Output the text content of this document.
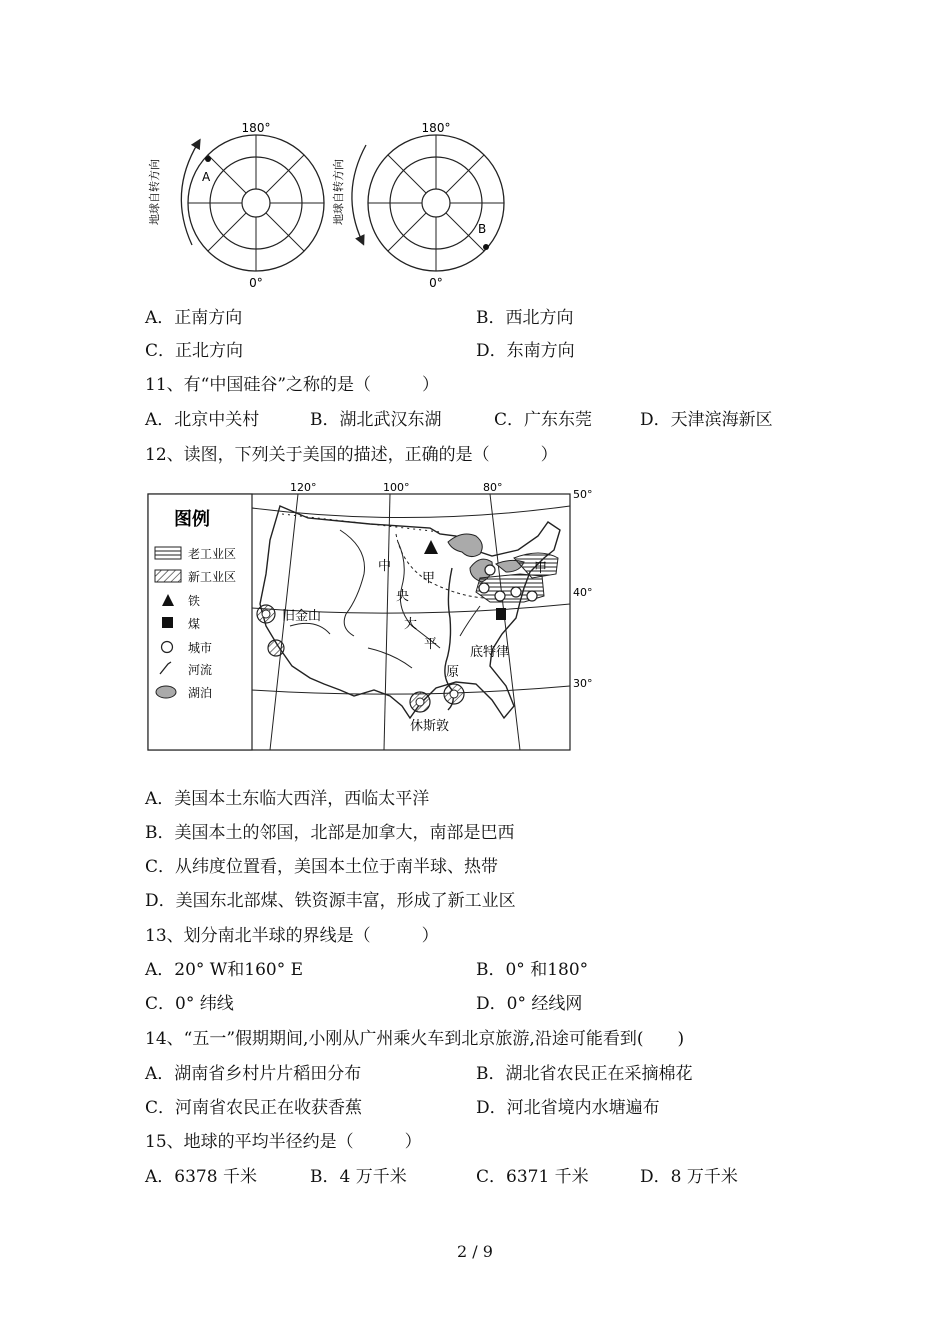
180°
A
0°
地球自转方向
180°
B
0°
地球自转方向
A．正南方向	B．西北方向
C．正北方向	D．东南方向
11、有“中国硅谷”之称的是（　　　）
A．北京中关村	B．湖北武汉东湖	C．广东东莞	D．天津滨海新区
12、读图，下列关于美国的描述，正确的是（　　　）
图例
老工业区
新工业区
铁
煤
城市
河流
湖泊
120°	100°	80°
50°
40°
30°
中
央
大
平
原
甲
甲
旧金山
底特律
休斯敦
A．美国本土东临大西洋，西临太平洋
B．美国本土的邻国，北部是加拿大，南部是巴西
C．从纬度位置看，美国本土位于南半球、热带
D．美国东北部煤、铁资源丰富，形成了新工业区
13、划分南北半球的界线是（　　　）
A．20° W和160° E	B．0° 和180°
C．0° 纬线	D．0° 经线网
14、“五一”假期期间,小刚从广州乘火车到北京旅游,沿途可能看到(　　)
A．湖南省乡村片片稻田分布	B．湖北省农民正在采摘棉花
C．河南省农民正在收获香蕉	D．河北省境内水塘遍布
15、地球的平均半径约是（　　　）
A．6378 千米	B．4 万千米	C．6371 千米	D．8 万千米
2 / 9
